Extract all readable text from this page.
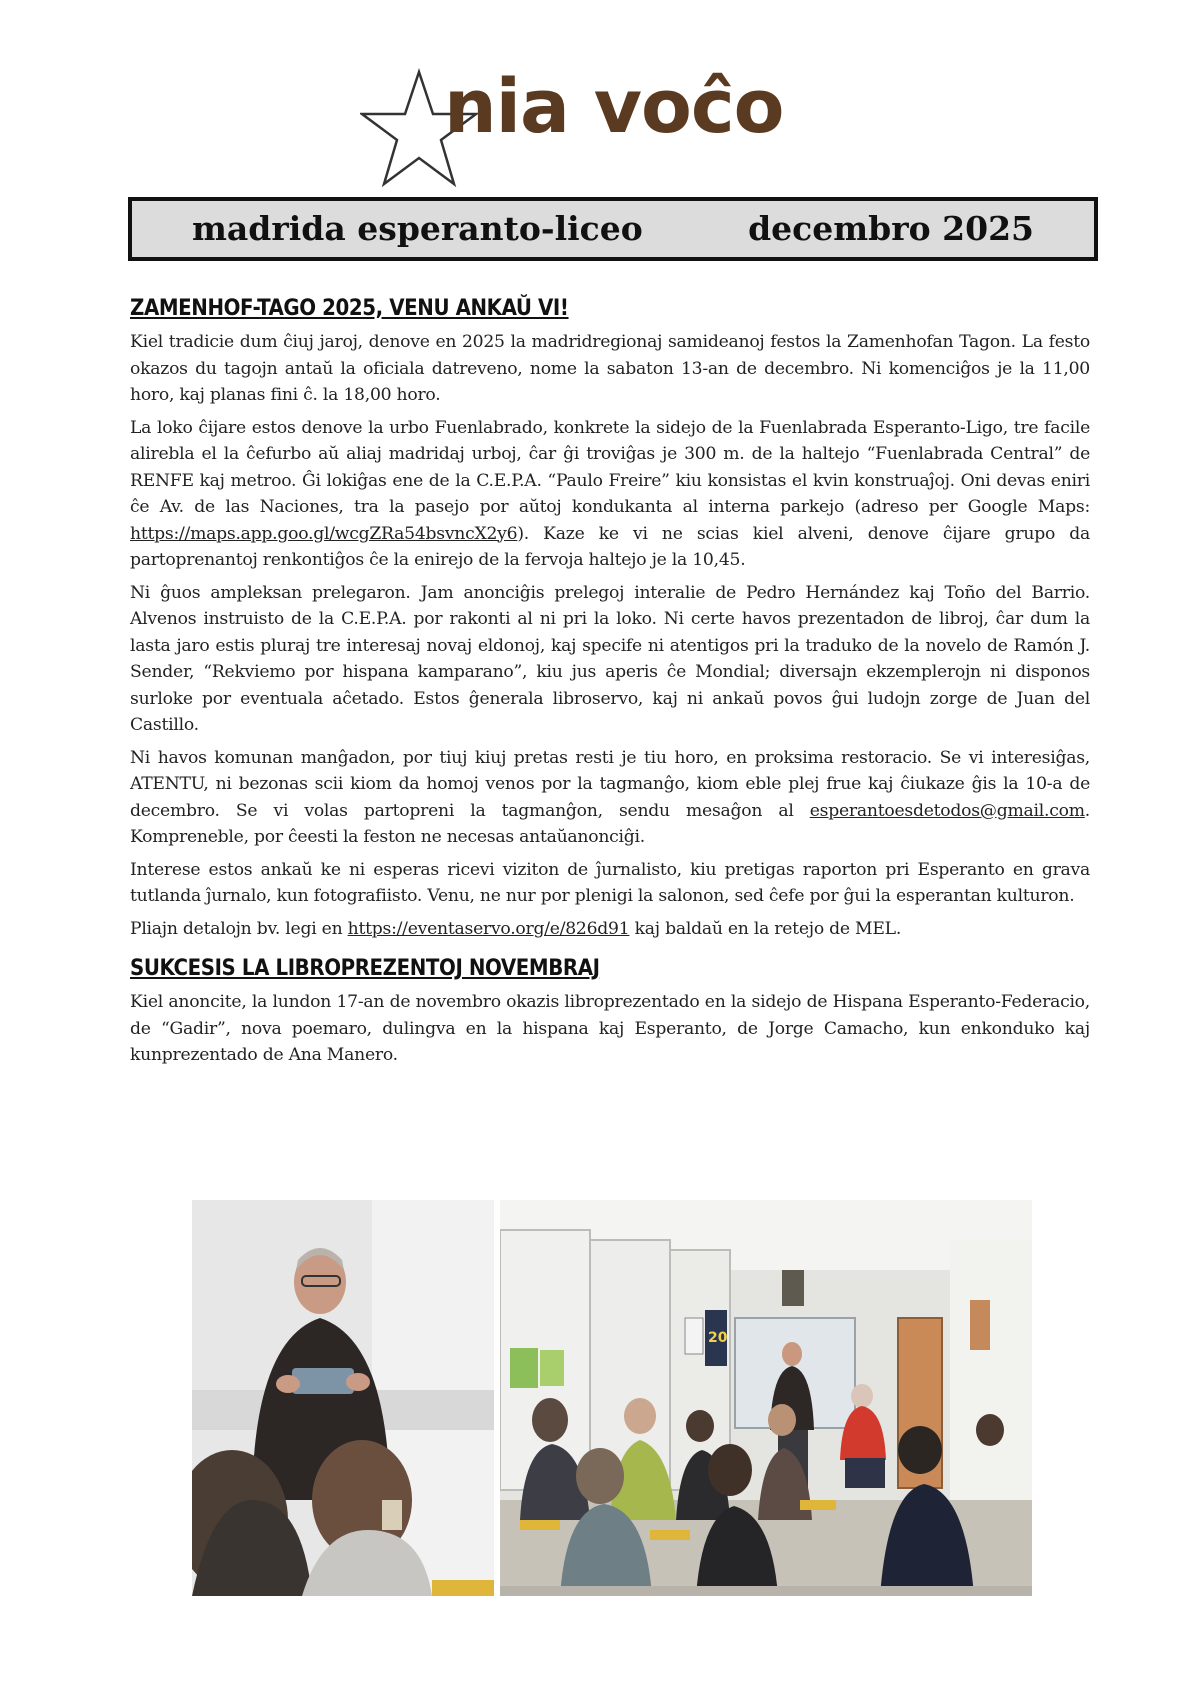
nia voĉo
madrida esperanto-liceo	decembro 2025
ZAMENHOF-TAGO 2025, VENU ANKAŬ VI!

Kiel tradicie dum ĉiuj jaroj, denove en 2025 la madridregionaj samideanoj festos la Zamenhofan Tagon. La festo okazos du tagojn antaŭ la oficiala datreveno, nome la sabaton 13-an de decembro. Ni komenciĝos je la 11,00 horo, kaj planas fini ĉ. la 18,00 horo.

La loko ĉijare estos denove la urbo Fuenlabrado, konkrete la sidejo de la Fuenlabrada Esperanto-Ligo, tre facile alirebla el la ĉefurbo aŭ aliaj madridaj urboj, ĉar ĝi troviĝas je 300 m. de la haltejo “Fuenlabrada Central” de RENFE kaj metroo. Ĝi lokiĝas ene de la C.E.P.A. “Paulo Freire” kiu konsistas el kvin konstruaĵoj. Oni devas eniri ĉe Av. de las Naciones, tra la pasejo por aŭtoj kondukanta al interna parkejo (adreso per Google Maps: https://maps.app.goo.gl/wcgZRa54bsvncX2y6). Kaze ke vi ne scias kiel alveni, denove ĉijare grupo da partoprenantoj renkontiĝos ĉe la enirejo de la fervoja haltejo je la 10,45.

Ni ĝuos ampleksan prelegaron. Jam anonciĝis prelegoj interalie de Pedro Hernández kaj Toño del Barrio. Alvenos instruisto de la C.E.P.A. por rakonti al ni pri la loko. Ni certe havos prezentadon de libroj, ĉar dum la lasta jaro estis pluraj tre interesaj novaj eldonoj, kaj specife ni atentigos pri la traduko de la novelo de Ramón J. Sender, “Rekviemo por hispana kamparano”, kiu jus aperis ĉe Mondial; diversajn ekzemplerojn ni disponos surloke por eventuala aĉetado. Estos ĝenerala libroservo, kaj ni ankaŭ povos ĝui ludojn zorge de Juan del Castillo.

Ni havos komunan manĝadon, por tiuj kiuj pretas resti je tiu horo, en proksima restoracio. Se vi interesiĝas, ATENTU, ni bezonas scii kiom da homoj venos por la tagmanĝo, kiom eble plej frue kaj ĉiukaze ĝis la 10-a de decembro. Se vi volas partopreni la tagmanĝon, sendu mesaĝon al esperantoesdetodos@gmail.com. Kompreneble, por ĉeesti la feston ne necesas antaŭanonciĝi.

Interese estos ankaŭ ke ni esperas ricevi viziton de ĵurnalisto, kiu pretigas raporton pri Esperanto en grava tutlanda ĵurnalo, kun fotografiisto. Venu, ne nur por plenigi la salonon, sed ĉefe por ĝui la esperantan kulturon.

Pliajn detalojn bv. legi en https://eventaservo.org/e/826d91 kaj baldaŭ en la retejo de MEL.

SUKCESIS LA LIBROPREZENTOJ NOVEMBRAJ

Kiel anoncite, la lundon 17-an de novembro okazis libroprezentado en la sidejo de Hispana Esperanto-Federacio, de “Gadir”, nova poemaro, dulingva en la hispana kaj Esperanto, de Jorge Camacho, kun enkonduko kaj kunprezentado de Ana Manero.

20
